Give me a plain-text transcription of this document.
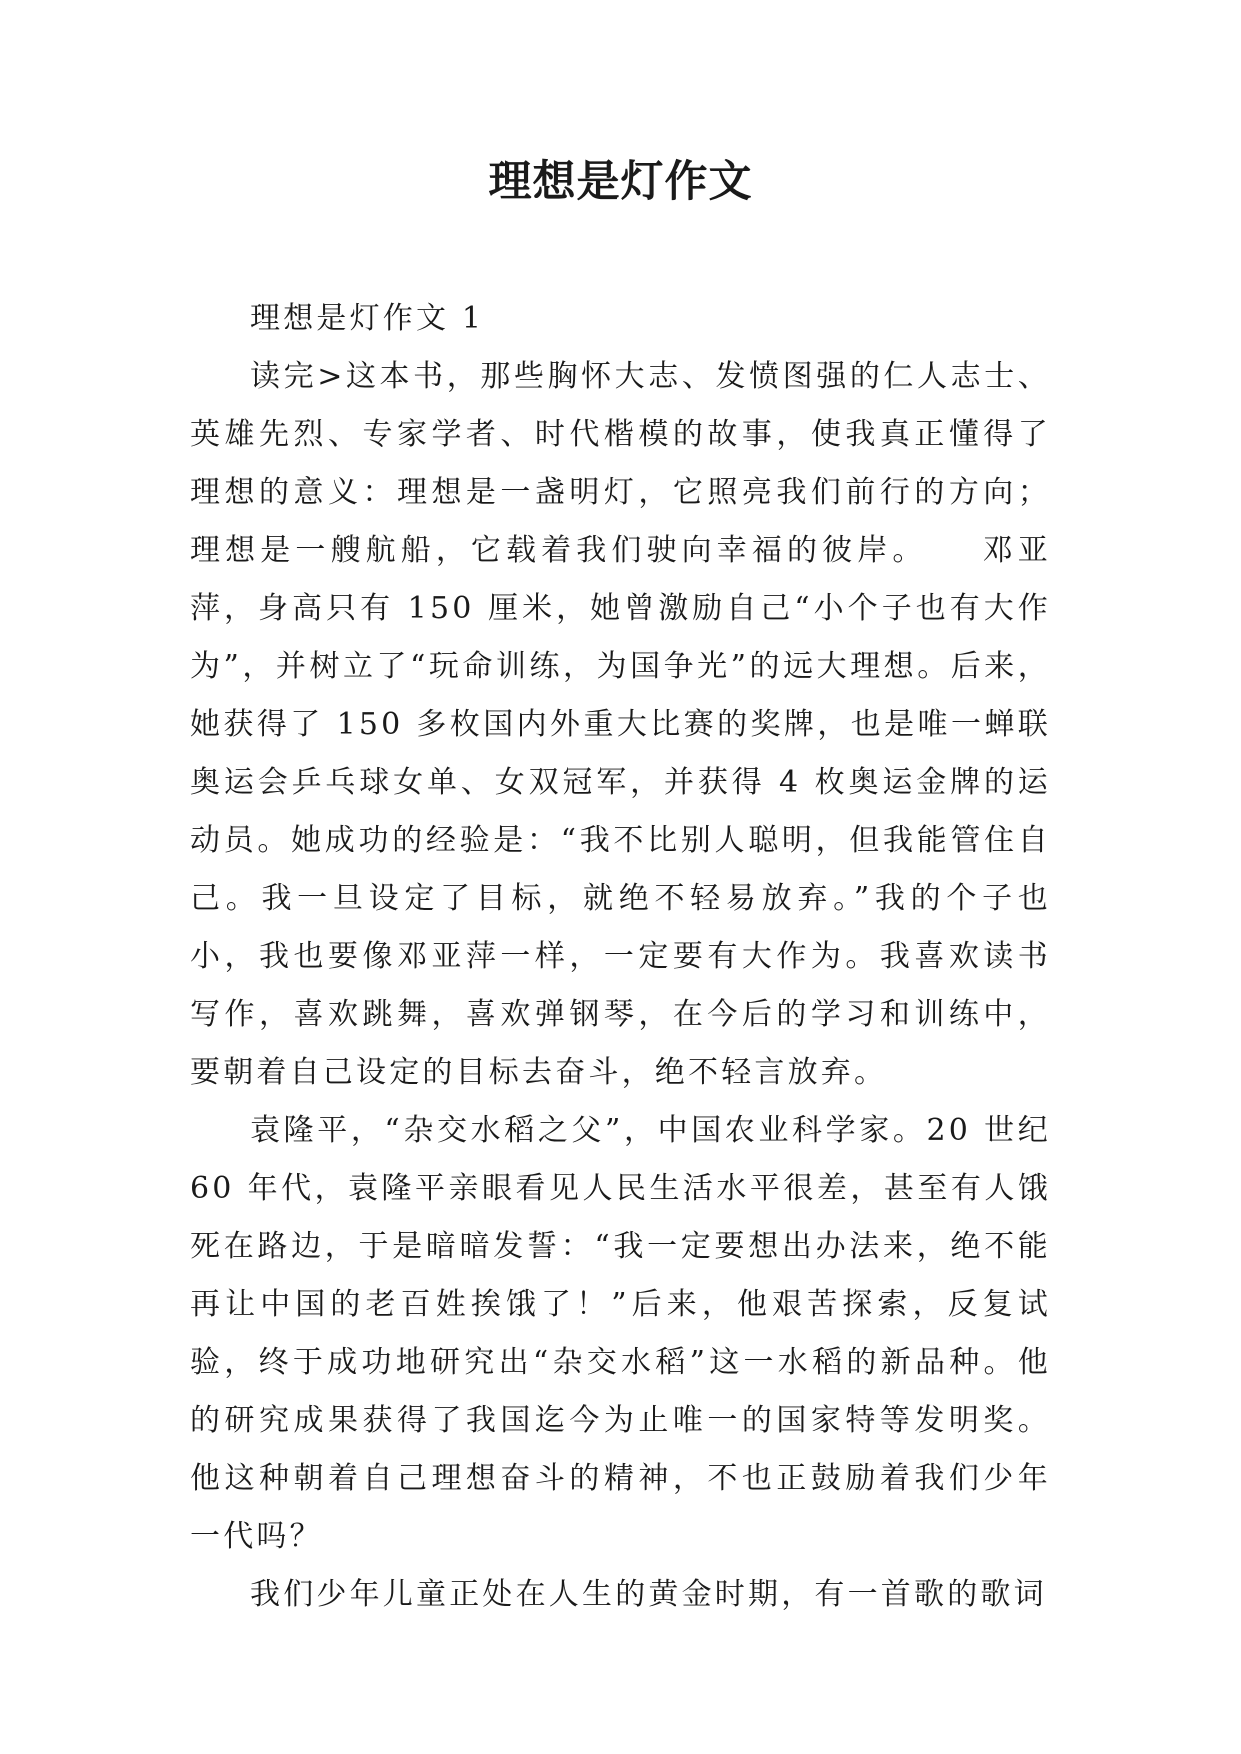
理想是灯作文

理想是灯作文 1

读完>这本书，那些胸怀大志、发愤图强的仁人志士、英雄先烈、专家学者、时代楷模的故事，使我真正懂得了理想的意义：理想是一盏明灯，它照亮我们前行的方向；理想是一艘航船，它载着我们驶向幸福的彼岸。　　邓亚萍，身高只有 150 厘米，她曾激励自己“小个子也有大作为”，并树立了“玩命训练，为国争光”的远大理想。后来，她获得了 150 多枚国内外重大比赛的奖牌，也是唯一蝉联奥运会乒乓球女单、女双冠军，并获得 4 枚奥运金牌的运动员。她成功的经验是：“我不比别人聪明，但我能管住自己。我一旦设定了目标，就绝不轻易放弃。”我的个子也小，我也要像邓亚萍一样，一定要有大作为。我喜欢读书写作，喜欢跳舞，喜欢弹钢琴，在今后的学习和训练中，要朝着自己设定的目标去奋斗，绝不轻言放弃。

袁隆平，“杂交水稻之父”，中国农业科学家。20 世纪 60 年代，袁隆平亲眼看见人民生活水平很差，甚至有人饿死在路边，于是暗暗发誓：“我一定要想出办法来，绝不能再让中国的老百姓挨饿了！”后来，他艰苦探索，反复试验，终于成功地研究出“杂交水稻”这一水稻的新品种。他的研究成果获得了我国迄今为止唯一的国家特等发明奖。他这种朝着自己理想奋斗的精神，不也正鼓励着我们少年一代吗？

我们少年儿童正处在人生的黄金时期，有一首歌的歌词
